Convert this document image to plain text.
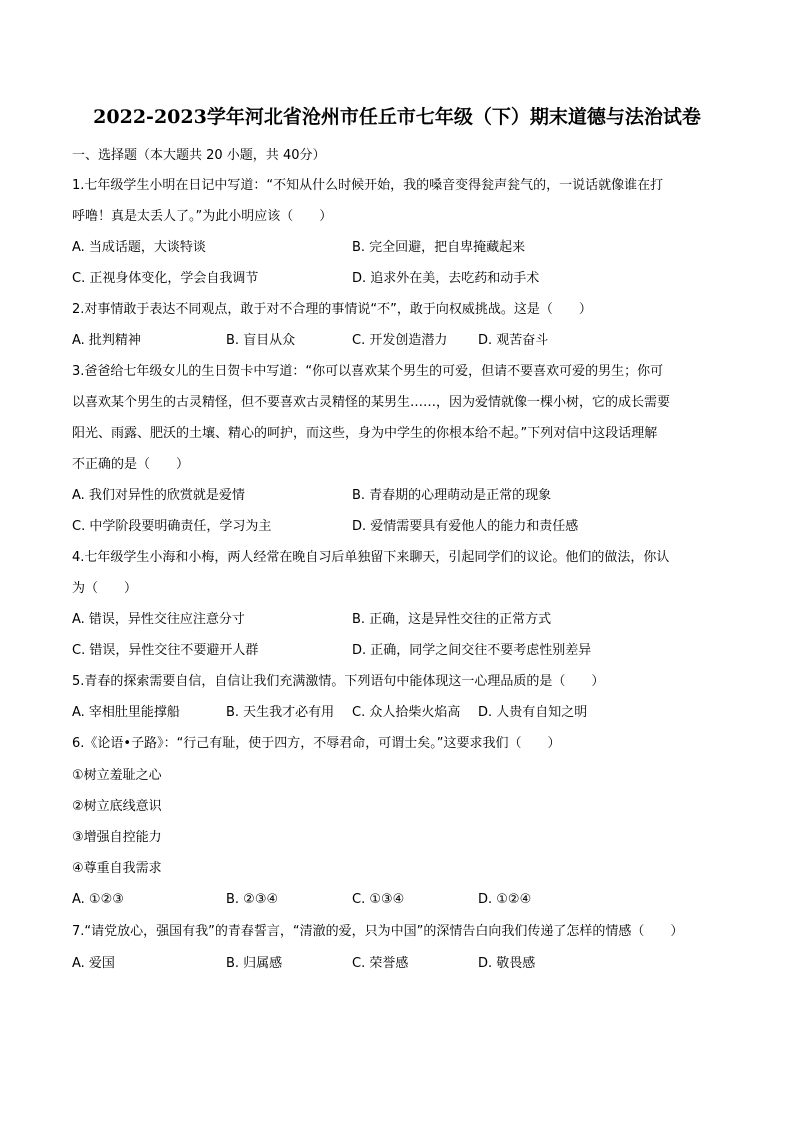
2022-2023学年河北省沧州市任丘市七年级（下）期末道德与法治试卷
一、选择题（本大题共 20 小题，共 40分）
1.七年级学生小明在日记中写道：“不知从什么时候开始，我的嗓音变得瓮声瓮气的，一说话就像谁在打
呼噜！真是太丢人了。”为此小明应该（　　）
A. 当成话题，大谈特谈	B. 完全回避，把自卑掩藏起来
C. 正视身体变化，学会自我调节	D. 追求外在美，去吃药和动手术
2.对事情敢于表达不同观点，敢于对不合理的事情说“不”，敢于向权威挑战。这是（　　）
A. 批判精神	B. 盲目从众	C. 开发创造潜力 D. 观苦奋斗
3.爸爸给七年级女儿的生日贺卡中写道：“你可以喜欢某个男生的可爱，但请不要喜欢可爱的男生；你可
以喜欢某个男生的古灵精怪，但不要喜欢古灵精怪的某男生……，因为爱情就像一棵小树，它的成长需要
阳光、雨露、肥沃的土壤、精心的呵护，而这些，身为中学生的你根本给不起。”下列对信中这段话理解
不正确的是（　　）
A. 我们对异性的欣赏就是爱情	B. 青春期的心理萌动是正常的现象
C. 中学阶段要明确责任，学习为主	D. 爱情需要具有爱他人的能力和责任感
4.七年级学生小海和小梅，两人经常在晚自习后单独留下来聊天，引起同学们的议论。他们的做法，你认
为（　　）
A. 错误，异性交往应注意分寸	B. 正确，这是异性交往的正常方式
C. 错误，异性交往不要避开人群	D. 正确，同学之间交往不要考虑性别差异
5.青春的探索需要自信，自信让我们充满激情。下列语句中能体现这一心理品质的是（　　）
A. 宰相肚里能撑船	B. 天生我才必有用 C. 众人拾柴火焰高 D. 人贵有自知之明
6.《论语•子路》：“行己有耻，使于四方，不辱君命，可谓士矣。”这要求我们（　　）
①树立羞耻之心
②树立底线意识
③增强自控能力
④尊重自我需求
A. ①②③	B. ②③④	C. ①③④	D. ①②④
7.“请党放心，强国有我”的青春誓言，“清澈的爱，只为中国”的深情告白向我们传递了怎样的情感（　　）
A. 爱国	B. 归属感	C. 荣誉感	D. 敬畏感
